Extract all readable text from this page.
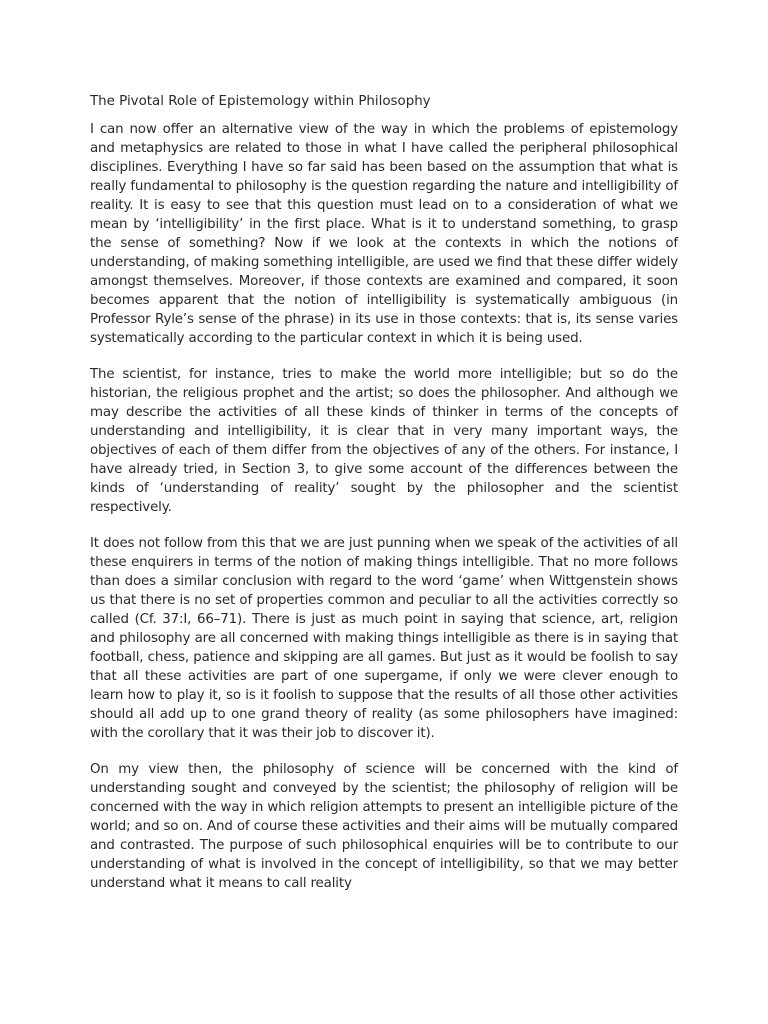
The Pivotal Role of Epistemology within Philosophy

I can now offer an alternative view of the way in which the problems of epistemology and metaphysics are related to those in what I have called the peripheral philosophical disciplines. Everything I have so far said has been based on the assumption that what is really fundamental to philosophy is the question regarding the nature and intelligibility of reality. It is easy to see that this question must lead on to a consideration of what we mean by ‘intelligibility’ in the first place. What is it to understand something, to grasp the sense of something? Now if we look at the contexts in which the notions of understanding, of making something intelligible, are used we find that these differ widely amongst themselves. Moreover, if those contexts are examined and compared, it soon becomes apparent that the notion of intelligibility is systematically ambiguous (in Professor Ryle’s sense of the phrase) in its use in those contexts: that is, its sense varies systematically according to the particular context in which it is being used.

The scientist, for instance, tries to make the world more intelligible; but so do the historian, the religious prophet and the artist; so does the philosopher. And although we may describe the activities of all these kinds of thinker in terms of the concepts of understanding and intelligibility, it is clear that in very many important ways, the objectives of each of them differ from the objectives of any of the others. For instance, I have already tried, in Section 3, to give some account of the differences between the kinds of ‘understanding of reality’ sought by the philosopher and the scientist respectively.

It does not follow from this that we are just punning when we speak of the activities of all these enquirers in terms of the notion of making things intelligible. That no more follows than does a similar conclusion with regard to the word ‘game’ when Wittgenstein shows us that there is no set of properties common and peculiar to all the activities correctly so called (Cf. 37:I, 66–71). There is just as much point in saying that science, art, religion and philosophy are all concerned with making things intelligible as there is in saying that football, chess, patience and skipping are all games. But just as it would be foolish to say that all these activities are part of one supergame, if only we were clever enough to learn how to play it, so is it foolish to suppose that the results of all those other activities should all add up to one grand theory of reality (as some philosophers have imagined: with the corollary that it was their job to discover it).

On my view then, the philosophy of science will be concerned with the kind of understanding sought and conveyed by the scientist; the philosophy of religion will be concerned with the way in which religion attempts to present an intelligible picture of the world; and so on. And of course these activities and their aims will be mutually compared and contrasted. The purpose of such philosophical enquiries will be to contribute to our understanding of what is involved in the concept of intelligibility, so that we may better understand what it means to call reality
